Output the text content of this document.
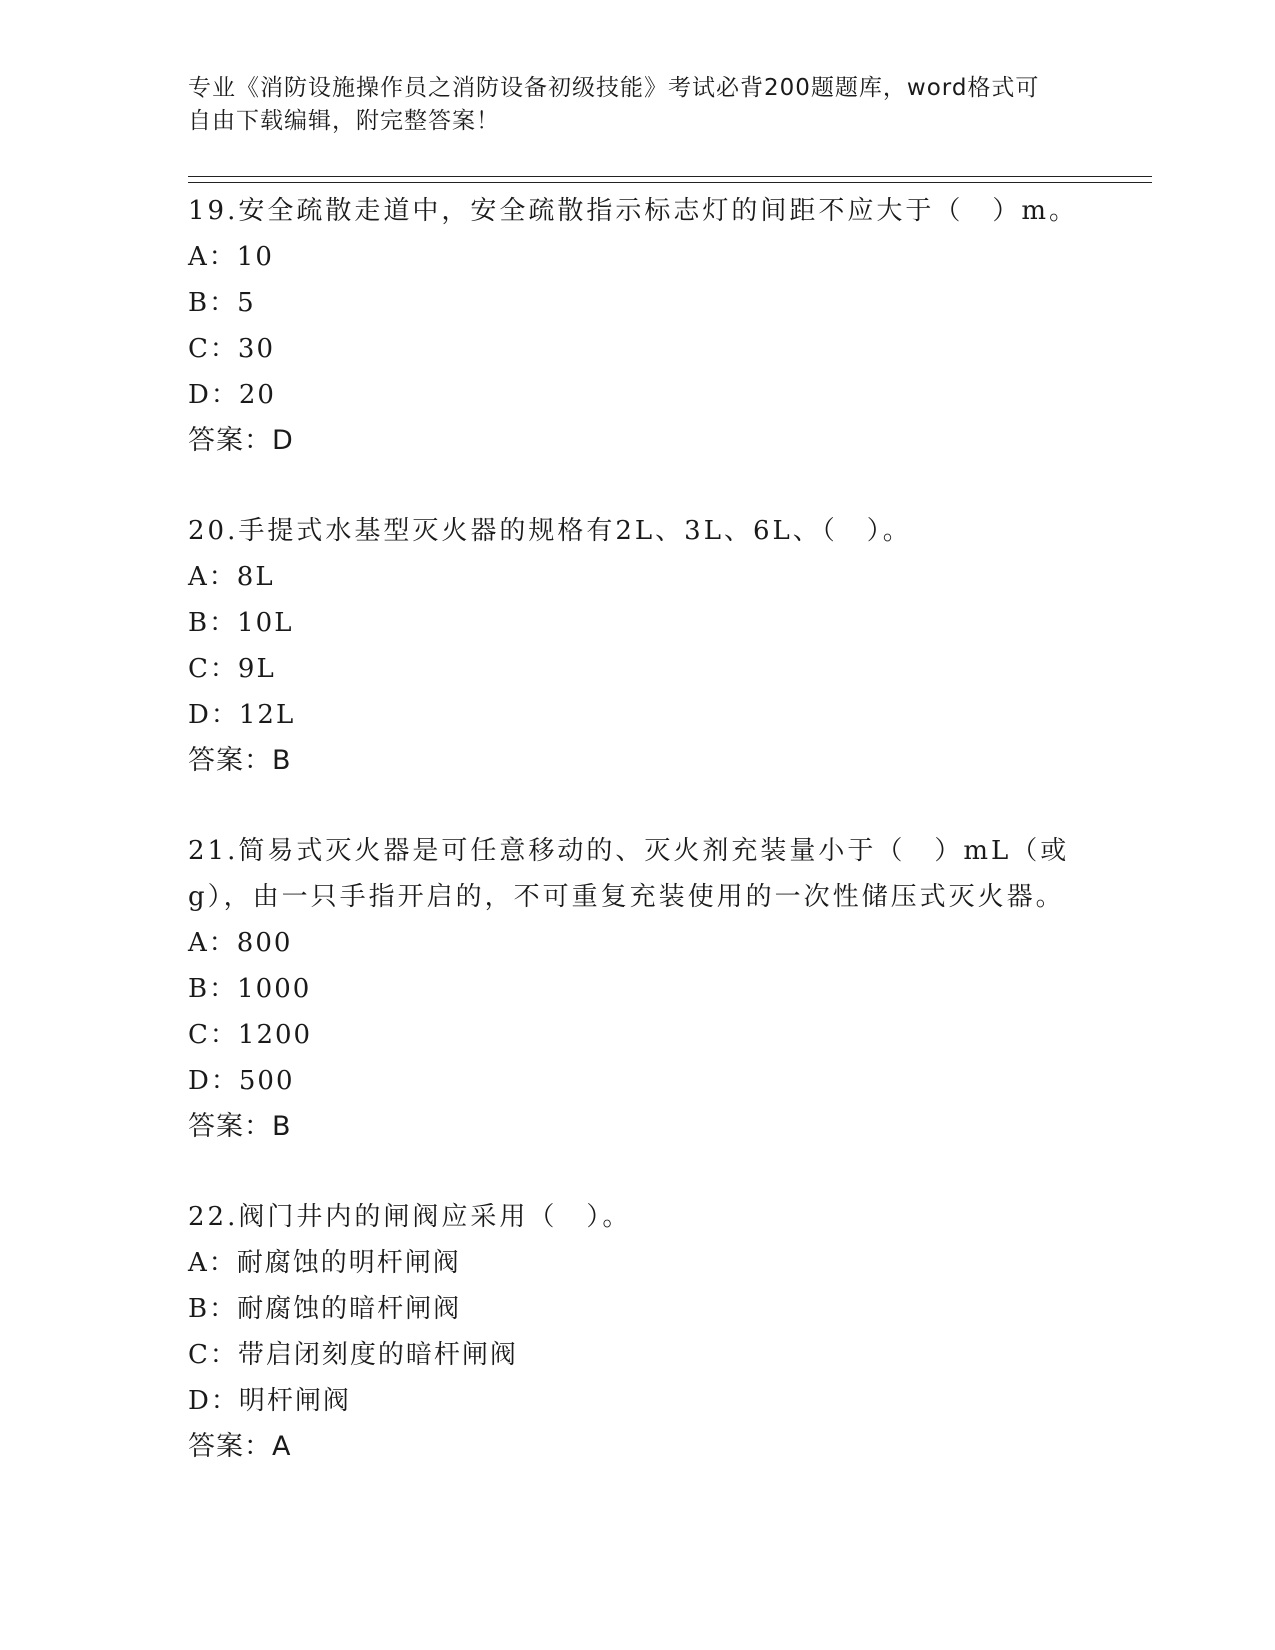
专业《消防设施操作员之消防设备初级技能》考试必背200题题库，word格式可
自由下载编辑，附完整答案！

19.安全疏散走道中，安全疏散指示标志灯的间距不应大于（　）m。

A：10

B：5

C：30

D：20

答案：D

20.手提式水基型灭火器的规格有2L、3L、6L、（　）。

A：8L

B：10L

C：9L

D：12L

答案：B

21.简易式灭火器是可任意移动的、灭火剂充装量小于（　）mL（或g），由一只手指开启的，不可重复充装使用的一次性储压式灭火器。

A：800

B：1000

C：1200

D：500

答案：B

22.阀门井内的闸阀应采用（　）。

A：耐腐蚀的明杆闸阀

B：耐腐蚀的暗杆闸阀

C：带启闭刻度的暗杆闸阀

D：明杆闸阀

答案：A
